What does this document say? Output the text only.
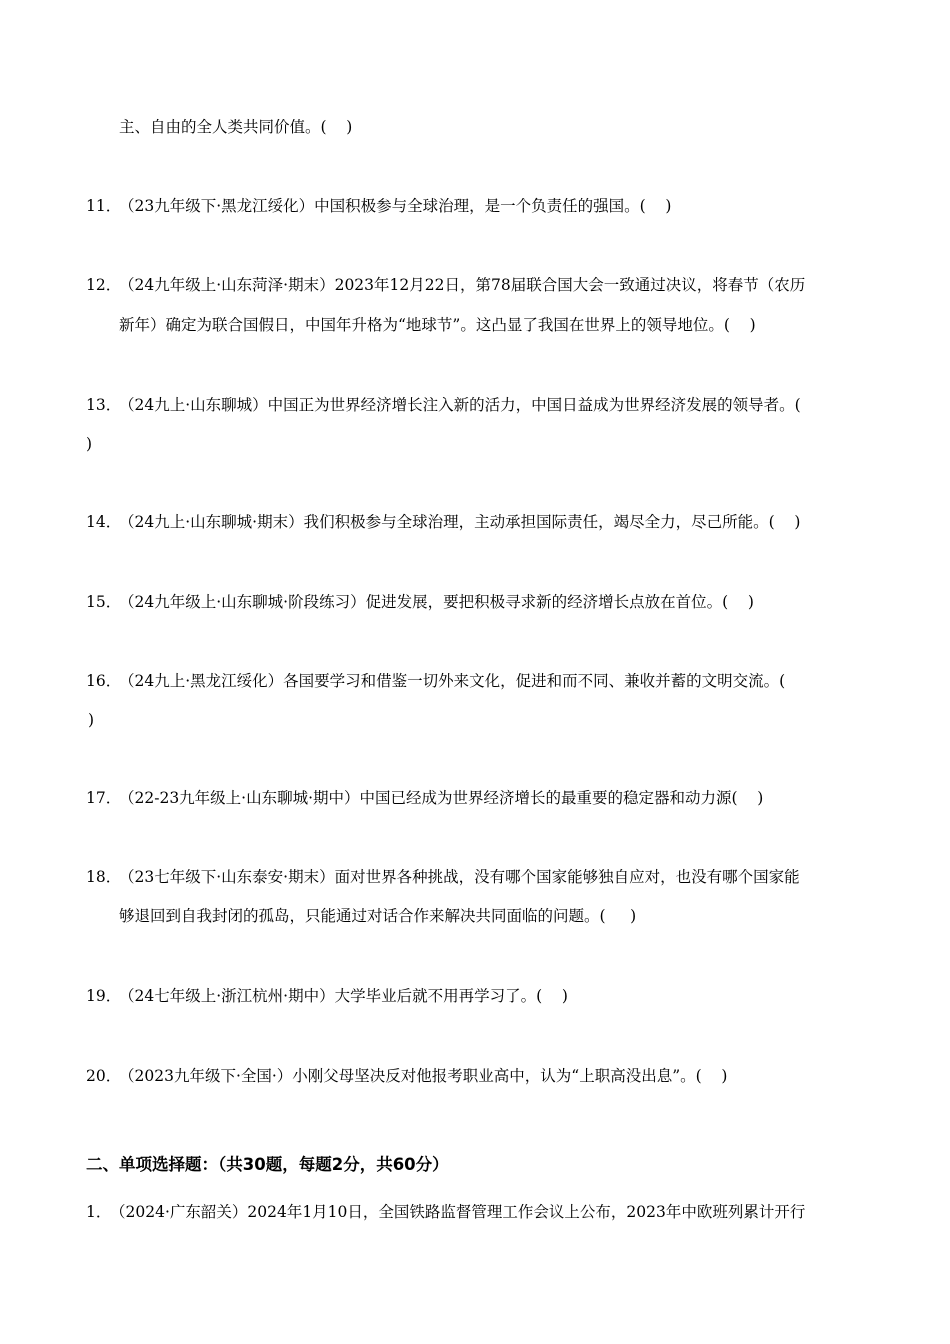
主、自由的全人类共同价值。(    )
11．
（23九年级下·黑龙江绥化）中国积极参与全球治理，是一个负责任的强国。(    )
12．
（24九年级上·山东菏泽·期末）2023年12月22日，第78届联合国大会一致通过决议，将春节（农历
新年）确定为联合国假日，中国年升格为“地球节”。这凸显了我国在世界上的领导地位。(    )
13．
（24九上·山东聊城）中国正为世界经济增长注入新的活力，中国日益成为世界经济发展的领导者。(
)
14．
（24九上·山东聊城·期末）我们积极参与全球治理，主动承担国际责任，竭尽全力，尽己所能。(    )
15．
（24九年级上·山东聊城·阶段练习）促进发展，要把积极寻求新的经济增长点放在首位。(    )
16．
（24九上·黑龙江绥化）各国要学习和借鉴一切外来文化，促进和而不同、兼收并蓄的文明交流。(
)
17．
（22-23九年级上·山东聊城·期中）中国已经成为世界经济增长的最重要的稳定器和动力源(    )
18．
（23七年级下·山东泰安·期末）面对世界各种挑战，没有哪个国家能够独自应对，也没有哪个国家能
够退回到自我封闭的孤岛，只能通过对话合作来解决共同面临的问题。(     )
19．
（24七年级上·浙江杭州·期中）大学毕业后就不用再学习了。(    )
20．
（2023九年级下·全国·）小刚父母坚决反对他报考职业高中，认为“上职高没出息”。(    )
二、单项选择题：（共30题，每题2分，共60分）
1．
（2024·广东韶关）2024年1月10日，全国铁路监督管理工作会议上公布，2023年中欧班列累计开行
